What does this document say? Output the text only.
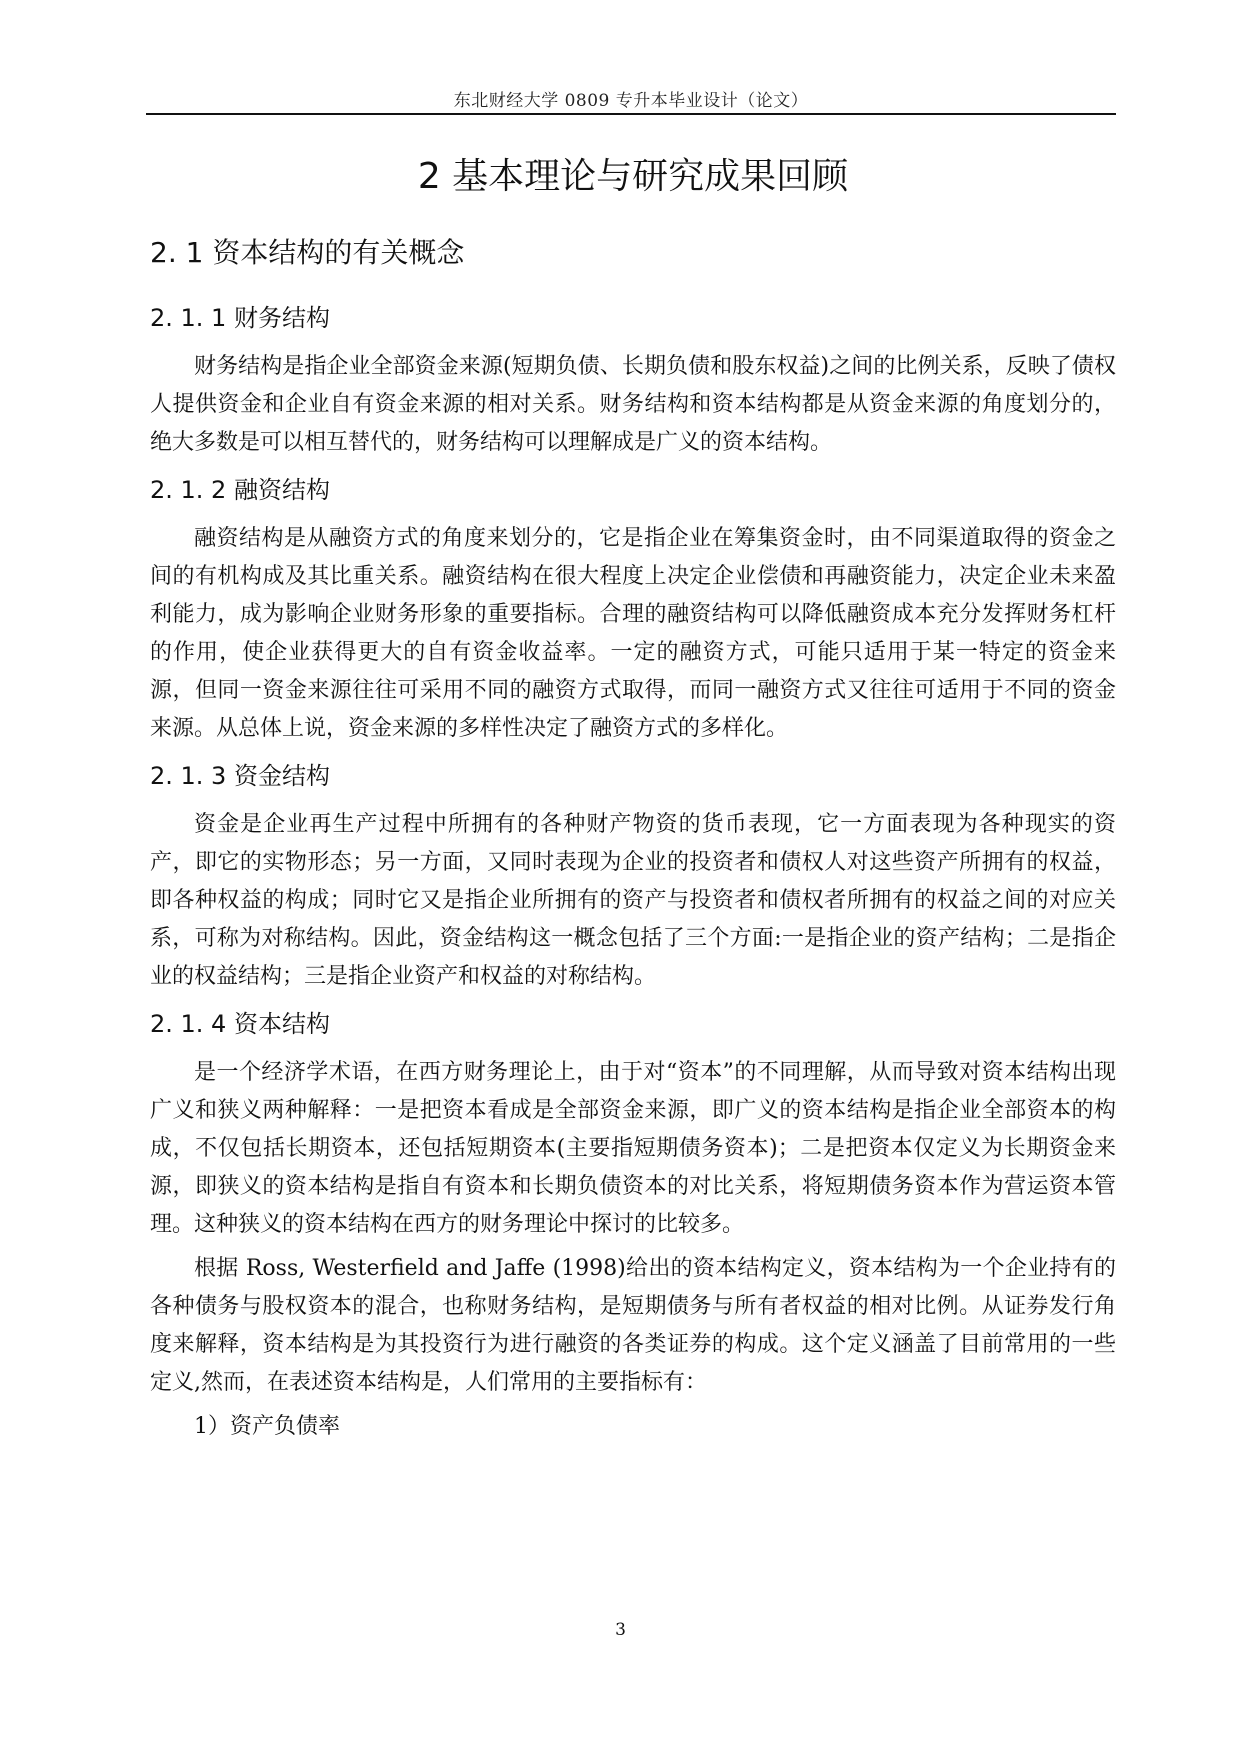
东北财经大学 0809 专升本毕业设计（论文）
2 基本理论与研究成果回顾
2. 1 资本结构的有关概念
2. 1. 1 财务结构

财务结构是指企业全部资金来源(短期负债、长期负债和股东权益)之间的比例关系，反映了债权人提供资金和企业自有资金来源的相对关系。财务结构和资本结构都是从资金来源的角度划分的，绝大多数是可以相互替代的，财务结构可以理解成是广义的资本结构。

2. 1. 2 融资结构

融资结构是从融资方式的角度来划分的，它是指企业在筹集资金时，由不同渠道取得的资金之间的有机构成及其比重关系。融资结构在很大程度上决定企业偿债和再融资能力，决定企业未来盈利能力，成为影响企业财务形象的重要指标。合理的融资结构可以降低融资成本充分发挥财务杠杆的作用，使企业获得更大的自有资金收益率。一定的融资方式，可能只适用于某一特定的资金来源，但同一资金来源往往可采用不同的融资方式取得，而同一融资方式又往往可适用于不同的资金来源。从总体上说，资金来源的多样性决定了融资方式的多样化。

2. 1. 3 资金结构

资金是企业再生产过程中所拥有的各种财产物资的货币表现，它一方面表现为各种现实的资产，即它的实物形态；另一方面，又同时表现为企业的投资者和债权人对这些资产所拥有的权益，即各种权益的构成；同时它又是指企业所拥有的资产与投资者和债权者所拥有的权益之间的对应关系，可称为对称结构。因此，资金结构这一概念包括了三个方面:一是指企业的资产结构；二是指企业的权益结构；三是指企业资产和权益的对称结构。

2. 1. 4 资本结构

是一个经济学术语，在西方财务理论上，由于对“资本”的不同理解，从而导致对资本结构出现广义和狭义两种解释：一是把资本看成是全部资金来源，即广义的资本结构是指企业全部资本的构成，不仅包括长期资本，还包括短期资本(主要指短期债务资本)；二是把资本仅定义为长期资金来源，即狭义的资本结构是指自有资本和长期负债资本的对比关系，将短期债务资本作为营运资本管理。这种狭义的资本结构在西方的财务理论中探讨的比较多。

根据 Ross, Westerfield and Jaffe (1998)给出的资本结构定义，资本结构为一个企业持有的各种债务与股权资本的混合，也称财务结构，是短期债务与所有者权益的相对比例。从证券发行角度来解释，资本结构是为其投资行为进行融资的各类证券的构成。这个定义涵盖了目前常用的一些定义,然而，在表述资本结构是，人们常用的主要指标有：

1）资产负债率

3
